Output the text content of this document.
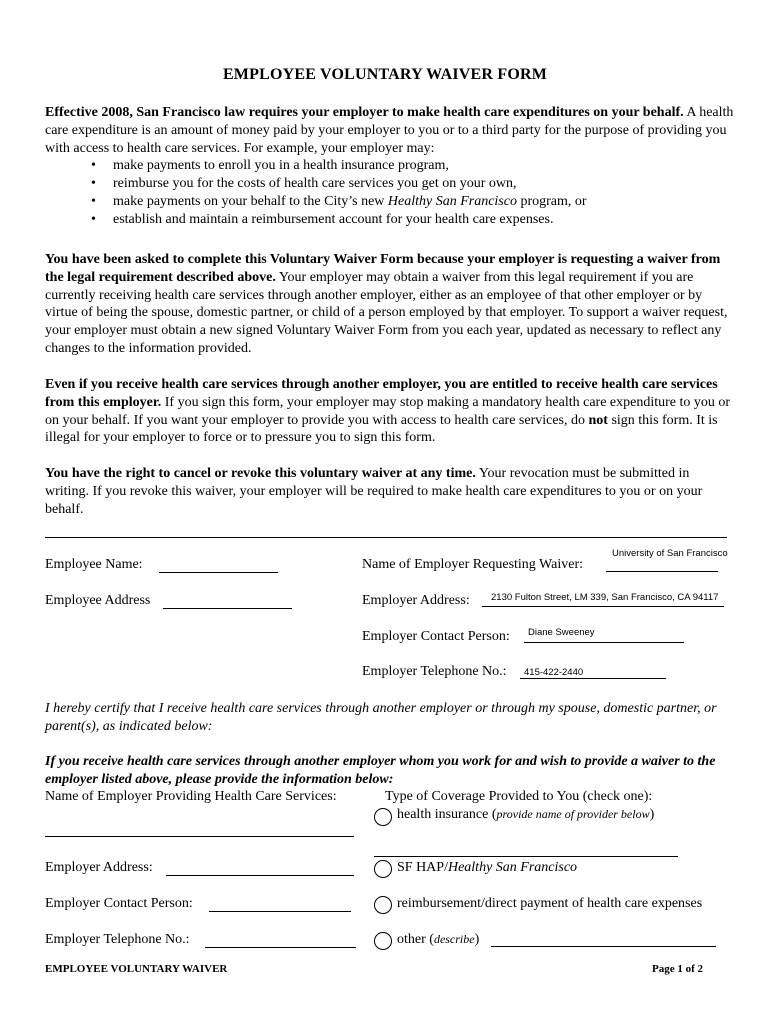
EMPLOYEE VOLUNTARY WAIVER FORM
Effective 2008, San Francisco law requires your employer to make health care expenditures on your behalf. A health care expenditure is an amount of money paid by your employer to you or to a third party for the purpose of providing you with access to health care services. For example, your employer may:
• make payments to enroll you in a health insurance program,
• reimburse you for the costs of health care services you get on your own,
• make payments on your behalf to the City’s new Healthy San Francisco program, or
• establish and maintain a reimbursement account for your health care expenses.
You have been asked to complete this Voluntary Waiver Form because your employer is requesting a waiver from the legal requirement described above. Your employer may obtain a waiver from this legal requirement if you are currently receiving health care services through another employer, either as an employee of that other employer or by virtue of being the spouse, domestic partner, or child of a person employed by that employer. To support a waiver request, your employer must obtain a new signed Voluntary Waiver Form from you each year, updated as necessary to reflect any changes to the information provided.
Even if you receive health care services through another employer, you are entitled to receive health care services from this employer. If you sign this form, your employer may stop making a mandatory health care expenditure to you or on your behalf. If you want your employer to provide you with access to health care services, do not sign this form. It is illegal for your employer to force or to pressure you to sign this form.
You have the right to cancel or revoke this voluntary waiver at any time. Your revocation must be submitted in writing. If you revoke this waiver, your employer will be required to make health care expenditures to you or on your behalf.
Employee Name:
Employee Address
Name of Employer Requesting Waiver:
University of San Francisco
Employer Address: 2130 Fulton Street, LM 339, San Francisco, CA 94117
Employer Contact Person: Diane Sweeney
Employer Telephone No.: 415-422-2440
I hereby certify that I receive health care services through another employer or through my spouse, domestic partner, or parent(s), as indicated below:
If you receive health care services through another employer whom you work for and wish to provide a waiver to the employer listed above, please provide the information below:
Name of Employer Providing Health Care Services:
Employer Address:
Employer Contact Person:
Employer Telephone No.:
Type of Coverage Provided to You (check one):
health insurance (provide name of provider below)
SF HAP/Healthy San Francisco
reimbursement/direct payment of health care expenses
other (describe)
EMPLOYEE VOLUNTARY WAIVER	Page 1 of 2
